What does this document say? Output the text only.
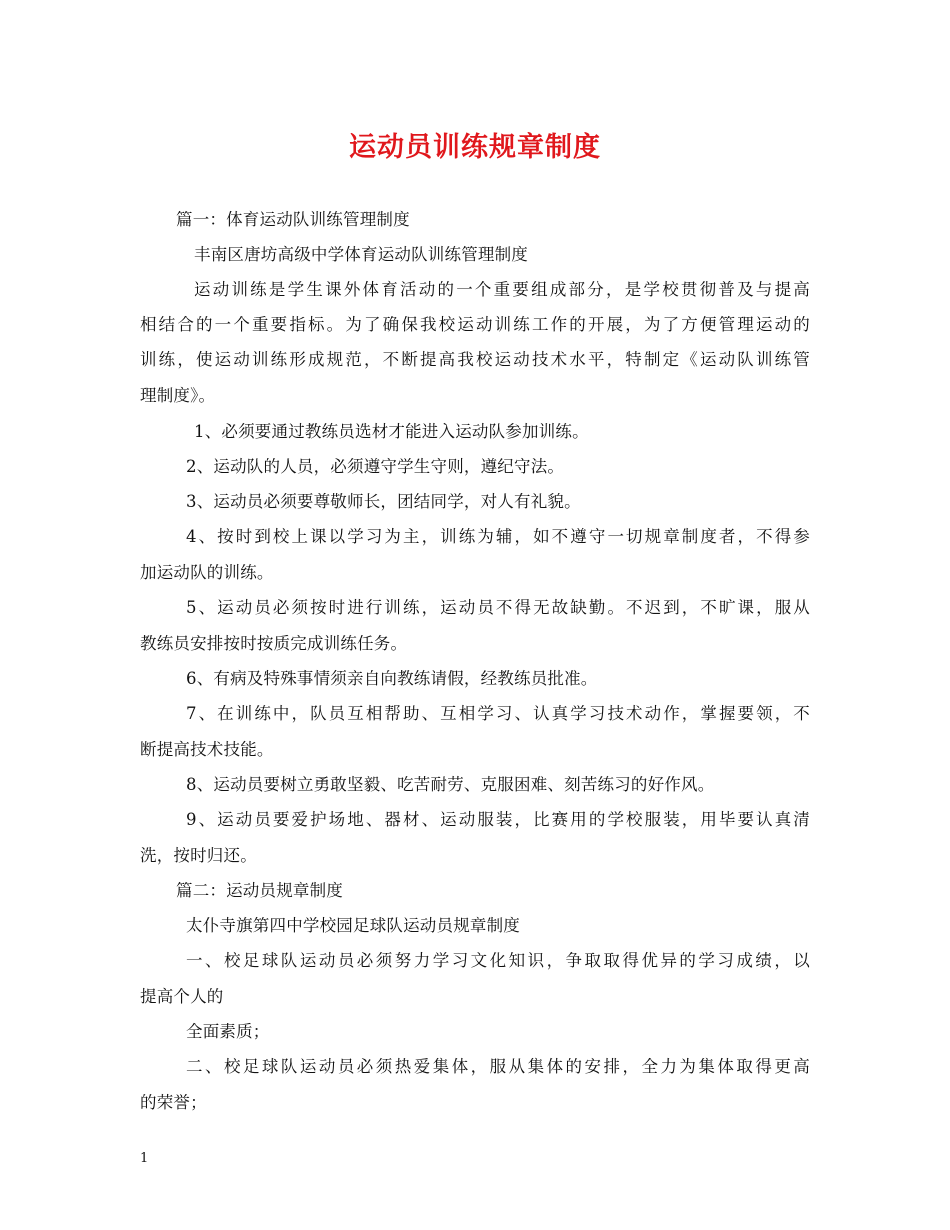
运动员训练规章制度
篇一：体育运动队训练管理制度
丰南区唐坊高级中学体育运动队训练管理制度
运动训练是学生课外体育活动的一个重要组成部分，是学校贯彻普及与提高
相结合的一个重要指标。为了确保我校运动训练工作的开展，为了方便管理运动的
训练，使运动训练形成规范，不断提高我校运动技术水平，特制定《运动队训练管
理制度》。
1、必须要通过教练员选材才能进入运动队参加训练。
2、运动队的人员，必须遵守学生守则，遵纪守法。
3、运动员必须要尊敬师长，团结同学，对人有礼貌。
4、按时到校上课以学习为主，训练为辅，如不遵守一切规章制度者，不得参
加运动队的训练。
5、运动员必须按时进行训练，运动员不得无故缺勤。不迟到，不旷课，服从
教练员安排按时按质完成训练任务。
6、有病及特殊事情须亲自向教练请假，经教练员批准。
7、在训练中，队员互相帮助、互相学习、认真学习技术动作，掌握要领，不
断提高技术技能。
8、运动员要树立勇敢坚毅、吃苦耐劳、克服困难、刻苦练习的好作风。
9、运动员要爱护场地、器材、运动服装，比赛用的学校服装，用毕要认真清
洗，按时归还。
篇二：运动员规章制度
太仆寺旗第四中学校园足球队运动员规章制度
一、校足球队运动员必须努力学习文化知识，争取取得优异的学习成绩，以
提高个人的
全面素质；
二、校足球队运动员必须热爱集体，服从集体的安排，全力为集体取得更高
的荣誉；
1
